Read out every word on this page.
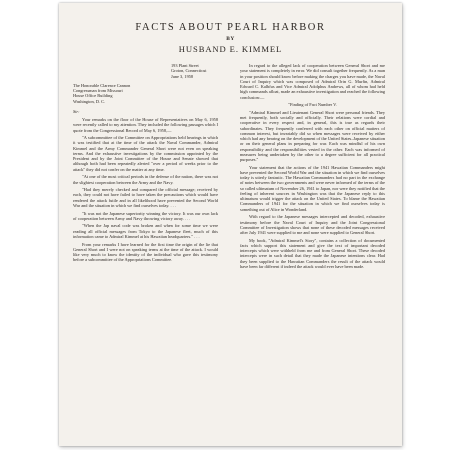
FACTS ABOUT PEARL HARBOR
BY
HUSBAND E. KIMMEL
193 Plant Street
Groton, Connecticut
June 3, 1958
The Honorable Clarence Cannon
Congressman from Missouri
House Office Building
Washington, D. C.
Sir:

Your remarks on the floor of the House of Representatives on May 6, 1958 were recently called to my attention. They included the following passages which I quote from the Congressional Record of May 6, 1958,—

"A subcommittee of the Committee on Appropriations held hearings in which it was testified that at the time of the attack the Naval Commander, Admiral Kimmel and the Army Commander General Short were not even on speaking terms. And the exhaustive investigations by the commission appointed by the President and by the Joint Committee of the House and Senate showed that although both had been repeatedly alerted "over a period of weeks prior to the attack" they did not confer on the matter at any time.

"At one of the most critical periods in the defense of the nation, there was not the slightest cooperation between the Army and the Navy.

"Had they merely checked and compared the official message; received by each, they could not have failed to have taken the precautions which would have rendered the attack futile and in all likelihood have prevented the Second World War and the situation in which we find ourselves today. . . .

"It was not the Japanese superiority winning the victory. It was our own lack of cooperation between Army and Navy throwing victory away. . . .

"When the Jap naval code was broken and when for some time we were reading all official messages from Tokyo to the Japanese fleet, much of this information came to Admiral Kimmel at his Hawaiian headquarters." . . .

From your remarks I have learned for the first time the origin of the lie that General Short and I were not on speaking terms at the time of the attack. I would like very much to know the identity of the individual who gave this testimony before a subcommittee of the Appropriations Committee.

In regard to the alleged lack of cooperation between General Short and me your statement is completely in error. We did consult together frequently. As a man in your position should know before making the charges you have made, the Naval Court of Inquiry which was composed of Admiral Orin G. Murfin, Admiral Edward C. Kalbfus and Vice Admiral Adolphus Andrews, all of whom had held high commands afloat, made an exhaustive investigation and reached the following conclusion:—

"Finding of Fact Number V.

"Admiral Kimmel and Lieutenant General Short were personal friends. They met frequently, both socially and officially. Their relations were cordial and cooperative in every respect and, in general, this is true as regards their subordinates. They frequently conferred with each other on official matters of common interest, but invariably did so when messages were received by either which had any bearing on the development of the United States–Japanese situation or on their general plans in preparing for war. Each was mindful of his own responsibility and the responsibilities vested in the other. Each was informed of measures being undertaken by the other to a degree sufficient for all practical purposes."

Your statement that the actions of the 1941 Hawaiian Commanders might have prevented the Second World War and the situation in which we find ourselves today is utterly fantastic. The Hawaiian Commanders had no part in the exchange of notes between the two governments and were never informed of the terms of the so called ultimatum of November 26, 1941 to Japan, nor were they notified that the feeling of inherent sources in Washington was that the Japanese reply to this ultimatum would trigger the attack on the United States. To blame the Hawaiian Commanders of 1941 for the situation in which we find ourselves today is something out of Alice in Wonderland.

With regard to the Japanese messages intercepted and decoded, exhaustive testimony before the Naval Court of Inquiry and the Joint Congressional Committee of Investigation shows that none of these decoded messages received after July 1941 were supplied to me and none were supplied to General Short.

My book, "Admiral Kimmel's Story", contains a collection of documented facts which support this statement and give the text of important decoded intercepts which were withheld from me and from General Short. These decoded intercepts were in such detail that they made the Japanese intentions clear. Had they been supplied to the Hawaiian Commanders the result of the attack would have been far different if indeed the attack would ever have been made.
